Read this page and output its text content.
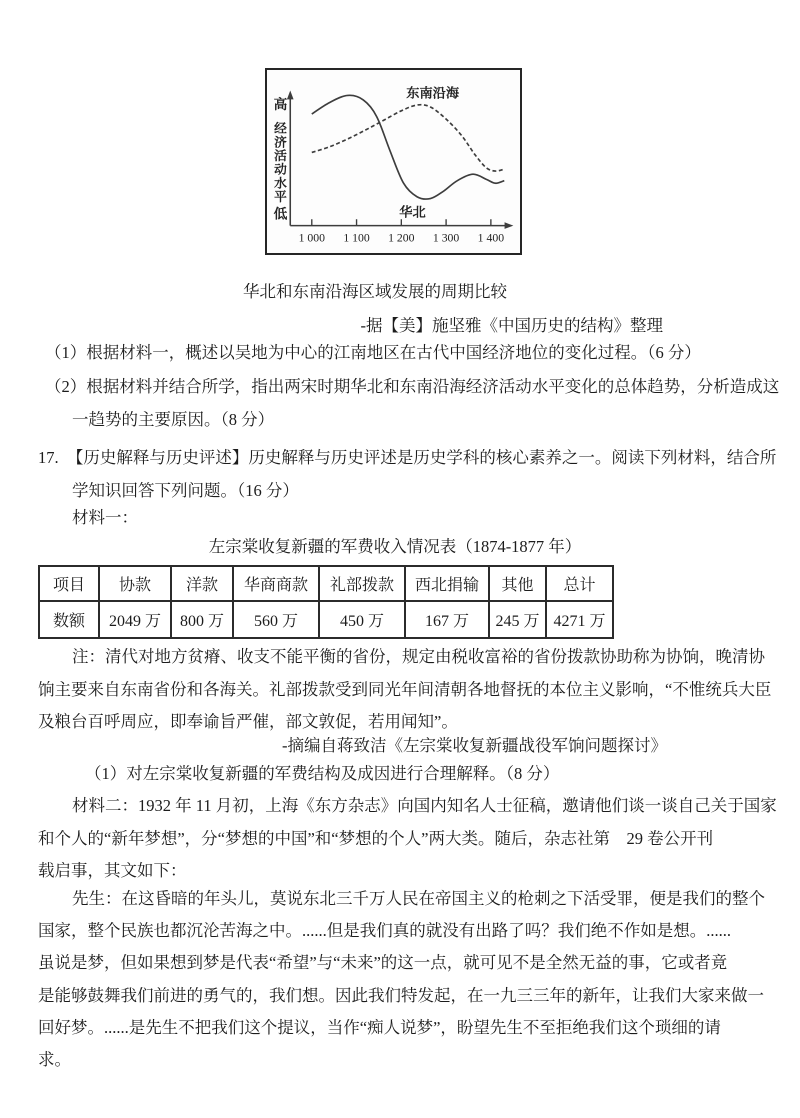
1 000 1 100 1 200 1 300 1 400
高
经
济
活
动
水
平
低	华北
东南沿海
华北和东南沿海区域发展的周期比较
-据【美】施坚雅《中国历史的结构》整理
（1）根据材料一，概述以吴地为中心的江南地区在古代中国经济地位的变化过程。（6 分）
（2）根据材料并结合所学，指出两宋时期华北和东南沿海经济活动水平变化的总体趋势，分析造成这
一趋势的主要原因。（8 分）
17.  【历史解释与历史评述】历史解释与历史评述是历史学科的核心素养之一。阅读下列材料，结合所
学知识回答下列问题。（16 分）
材料一：
左宗棠收复新疆的军费收入情况表（1874-1877 年）
项目	协款	洋款	华商商款	礼部拨款	西北捐输	其他	总计
数额	2049 万	800 万	560 万	450 万	167 万	245 万	4271 万
注：清代对地方贫瘠、收支不能平衡的省份，规定由税收富裕的省份拨款协助称为协饷，晚清协
饷主要来自东南省份和各海关。礼部拨款受到同光年间清朝各地督抚的本位主义影响，“不惟统兵大臣
及粮台百呼周应，即奉谕旨严催，部文敦促，若用闻知”。
-摘编自蒋致洁《左宗棠收复新疆战役军饷问题探讨》
（1）对左宗棠收复新疆的军费结构及成因进行合理解释。（8 分）
材料二：1932 年 11 月初，上海《东方杂志》向国内知名人士征稿，邀请他们谈一谈自己关于国家
和个人的“新年梦想”，分“梦想的中国”和“梦想的个人”两大类。随后，杂志社第　29 卷公开刊
载启事，其文如下：
先生：在这昏暗的年头儿，莫说东北三千万人民在帝国主义的枪刺之下活受罪，便是我们的整个
国家，整个民族也都沉沦苦海之中。......但是我们真的就没有出路了吗？我们绝不作如是想。......
虽说是梦，但如果想到梦是代表“希望”与“未来”的这一点，就可见不是全然无益的事，它或者竟
是能够鼓舞我们前进的勇气的，我们想。因此我们特发起，在一九三三年的新年，让我们大家来做一
回好梦。......是先生不把我们这个提议，当作“痴人说梦”，盼望先生不至拒绝我们这个琐细的请
求。
